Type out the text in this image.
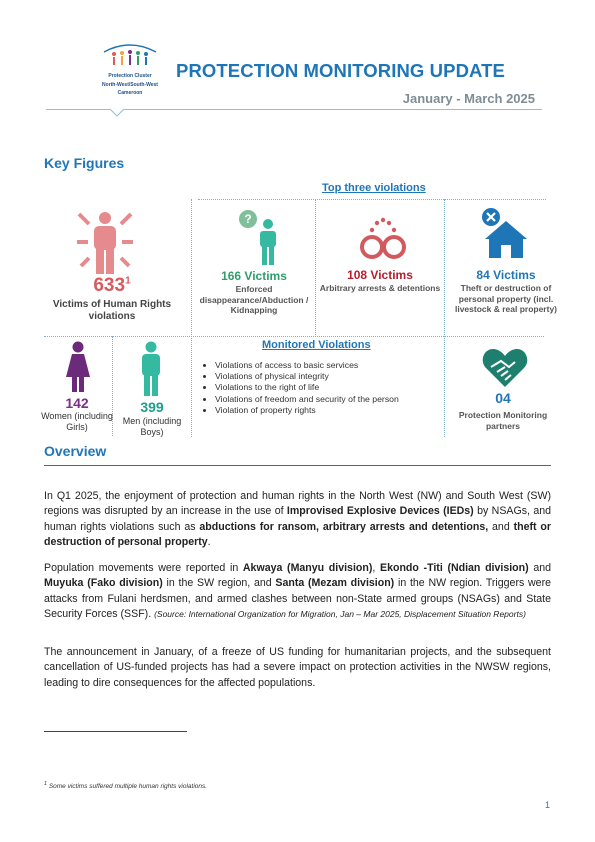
Protection Cluster
North-West/South-West
Cameroon
PROTECTION MONITORING UPDATE
January - March 2025
Key Figures
Top three violations
$633^1$
Victims of Human Rights violations
?
166 Victims
Enforced disappearance/Abduction / Kidnapping
108 Victims
Arbitrary arrests & detentions
84 Victims
Theft or destruction of personal property (incl. livestock & real property)
142
Women (including Girls)
399
Men (including Boys)
Monitored Violations
• Violations of access to basic services
• Violations of physical integrity
• Violations to the right of life
• Violations of freedom and security of the person
• Violation of property rights
04
Protection Monitoring partners
Overview
In Q1 2025, the enjoyment of protection and human rights in the North West (NW) and South West (SW) regions was disrupted by an increase in the use of Improvised Explosive Devices (IEDs) by NSAGs, and human rights violations such as abductions for ransom, arbitrary arrests and detentions, and theft or destruction of personal property.
Population movements were reported in Akwaya (Manyu division), Ekondo -Titi (Ndian division) and Muyuka (Fako division) in the SW region, and Santa (Mezam division) in the NW region. Triggers were attacks from Fulani herdsmen, and armed clashes between non-State armed groups (NSAGs) and State Security Forces (SSF). (Source: International Organization for Migration, Jan – Mar 2025, Displacement Situation Reports)
The announcement in January, of a freeze of US funding for humanitarian projects, and the subsequent cancellation of US-funded projects has had a severe impact on protection activities in the NWSW regions, leading to dire consequences for the affected populations.
$^1$ Some victims suffered multiple human rights violations.
1
